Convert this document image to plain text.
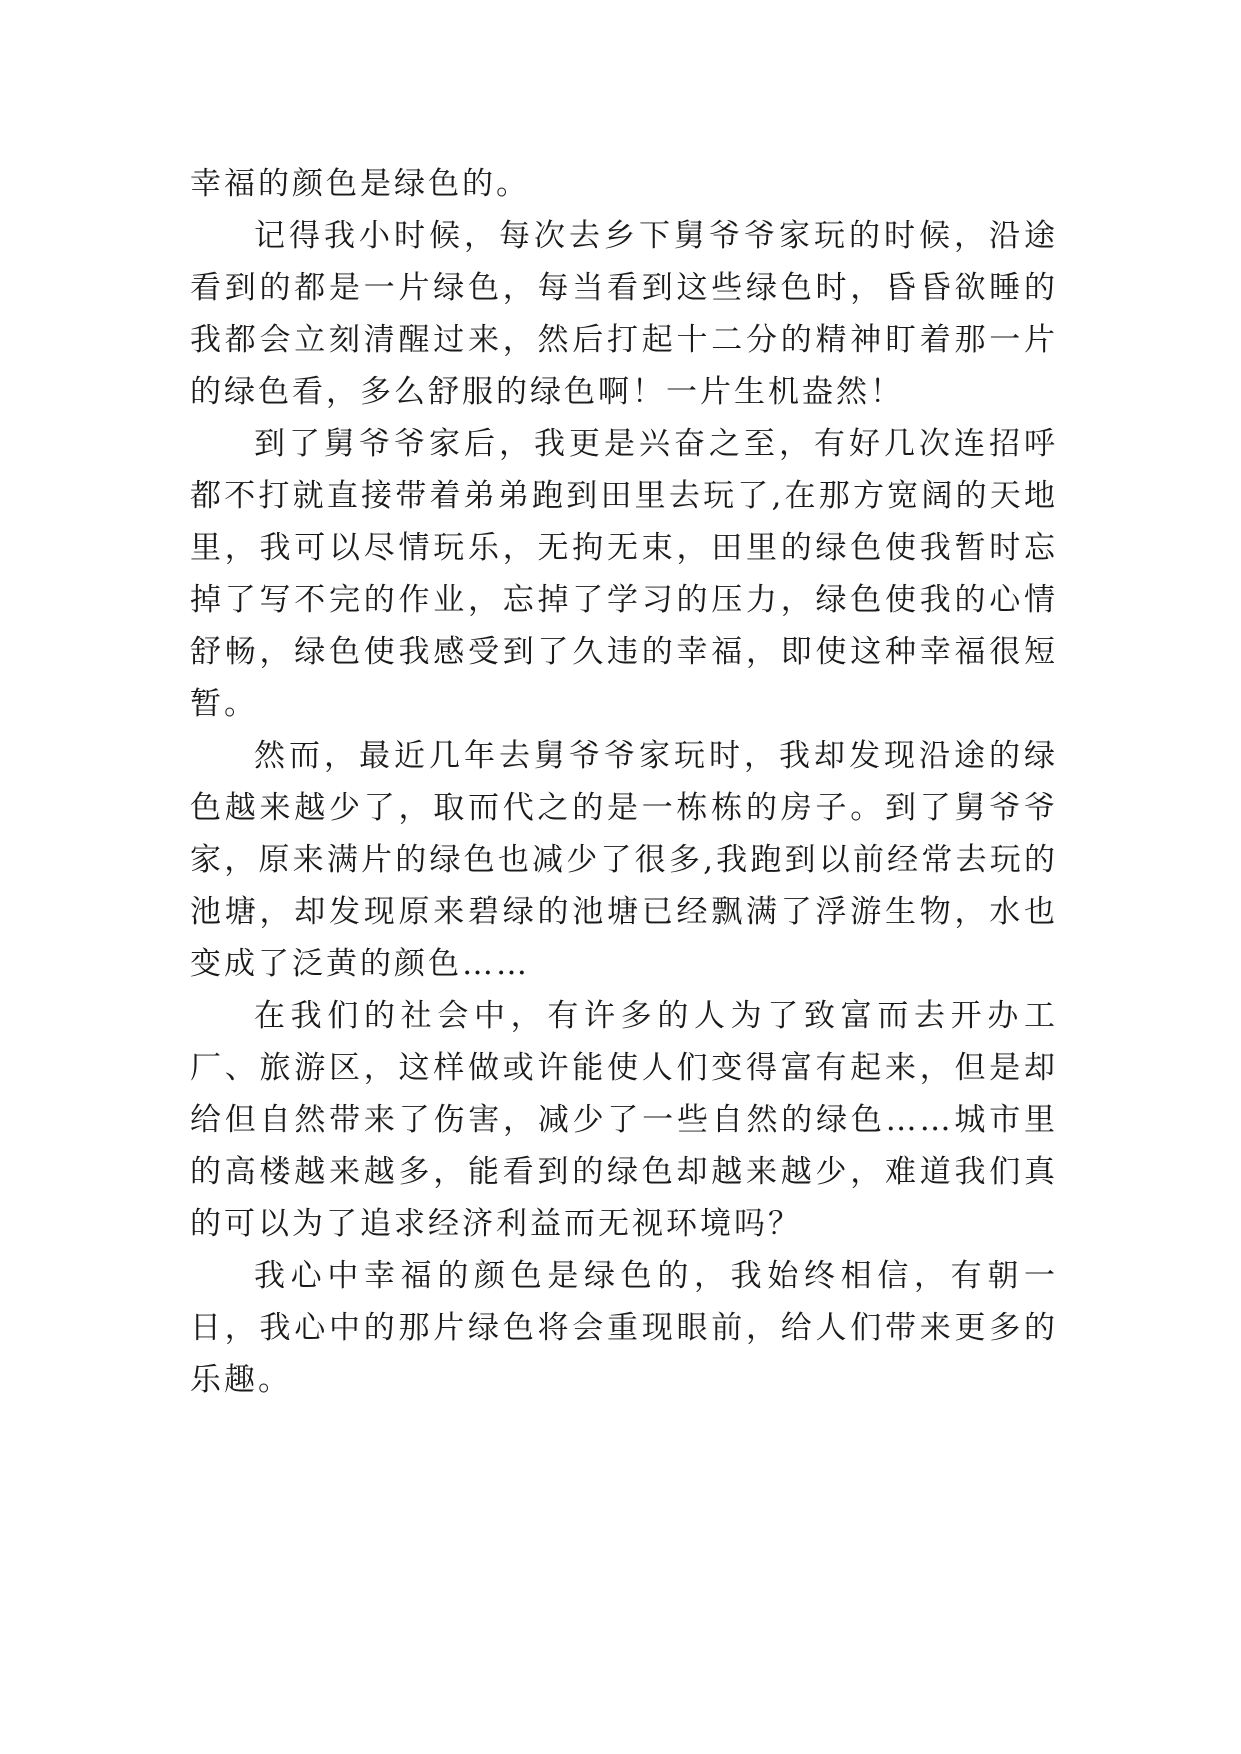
幸福的颜色是绿色的。

记得我小时候，每次去乡下舅爷爷家玩的时候，沿途看到的都是一片绿色，每当看到这些绿色时，昏昏欲睡的我都会立刻清醒过来，然后打起十二分的精神盯着那一片的绿色看，多么舒服的绿色啊！一片生机盎然！

到了舅爷爷家后，我更是兴奋之至，有好几次连招呼都不打就直接带着弟弟跑到田里去玩了,在那方宽阔的天地里，我可以尽情玩乐，无拘无束，田里的绿色使我暂时忘掉了写不完的作业，忘掉了学习的压力，绿色使我的心情舒畅，绿色使我感受到了久违的幸福，即使这种幸福很短暂。

然而，最近几年去舅爷爷家玩时，我却发现沿途的绿色越来越少了，取而代之的是一栋栋的房子。到了舅爷爷家，原来满片的绿色也减少了很多,我跑到以前经常去玩的池塘，却发现原来碧绿的池塘已经飘满了浮游生物，水也变成了泛黄的颜色……

在我们的社会中，有许多的人为了致富而去开办工厂、旅游区，这样做或许能使人们变得富有起来，但是却给但自然带来了伤害，减少了一些自然的绿色……城市里的高楼越来越多，能看到的绿色却越来越少，难道我们真的可以为了追求经济利益而无视环境吗？

我心中幸福的颜色是绿色的，我始终相信，有朝一日，我心中的那片绿色将会重现眼前，给人们带来更多的乐趣。
